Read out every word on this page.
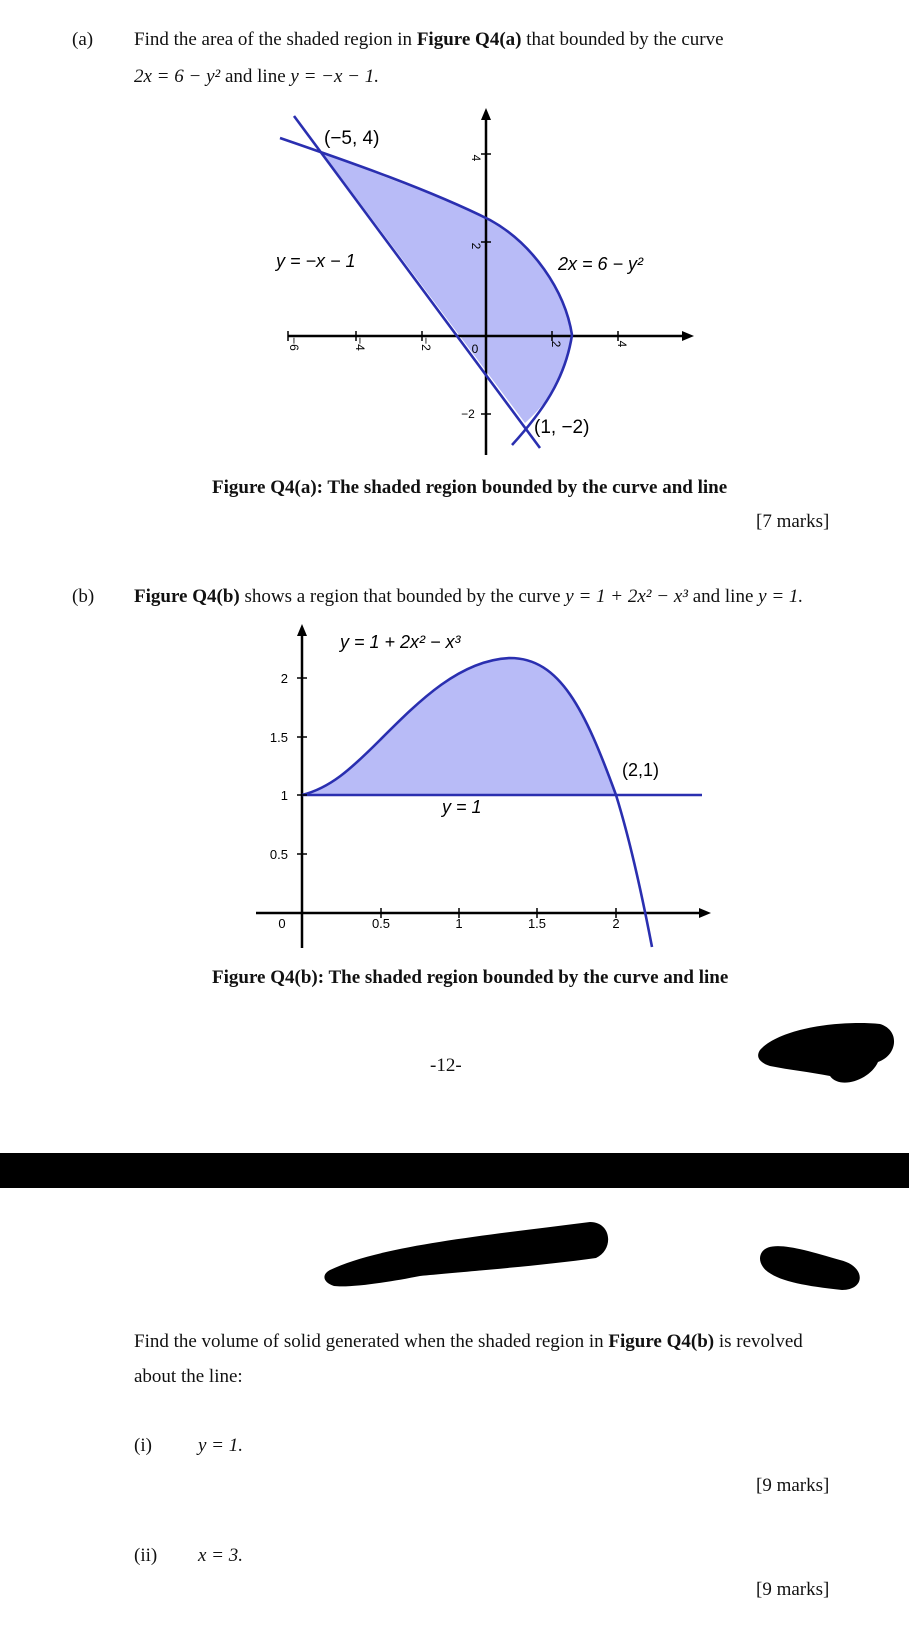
(a) Find the area of the shaded region in Figure Q4(a) that bounded by the curve
2x = 6 − y² and line y = −x − 1.
−6	−4	−2	0	2	4
4
2
−2
(−5, 4)
(1, −2)
y = −x − 1	2x = 6 − y²
Figure Q4(a): The shaded region bounded by the curve and line
[7 marks]
(b) Figure Q4(b) shows a region that bounded by the curve y = 1 + 2x² − x³ and line y = 1.
0	0.5	1	1.5	2
2
1.5
1
0.5
y = 1 + 2x² − x³
y = 1
(2,1)
Figure Q4(b): The shaded region bounded by the curve and line
-12-
Find the volume of solid generated when the shaded region in Figure Q4(b) is revolved
about the line:
(i) y = 1.
[9 marks]
(ii) x = 3.
[9 marks]
